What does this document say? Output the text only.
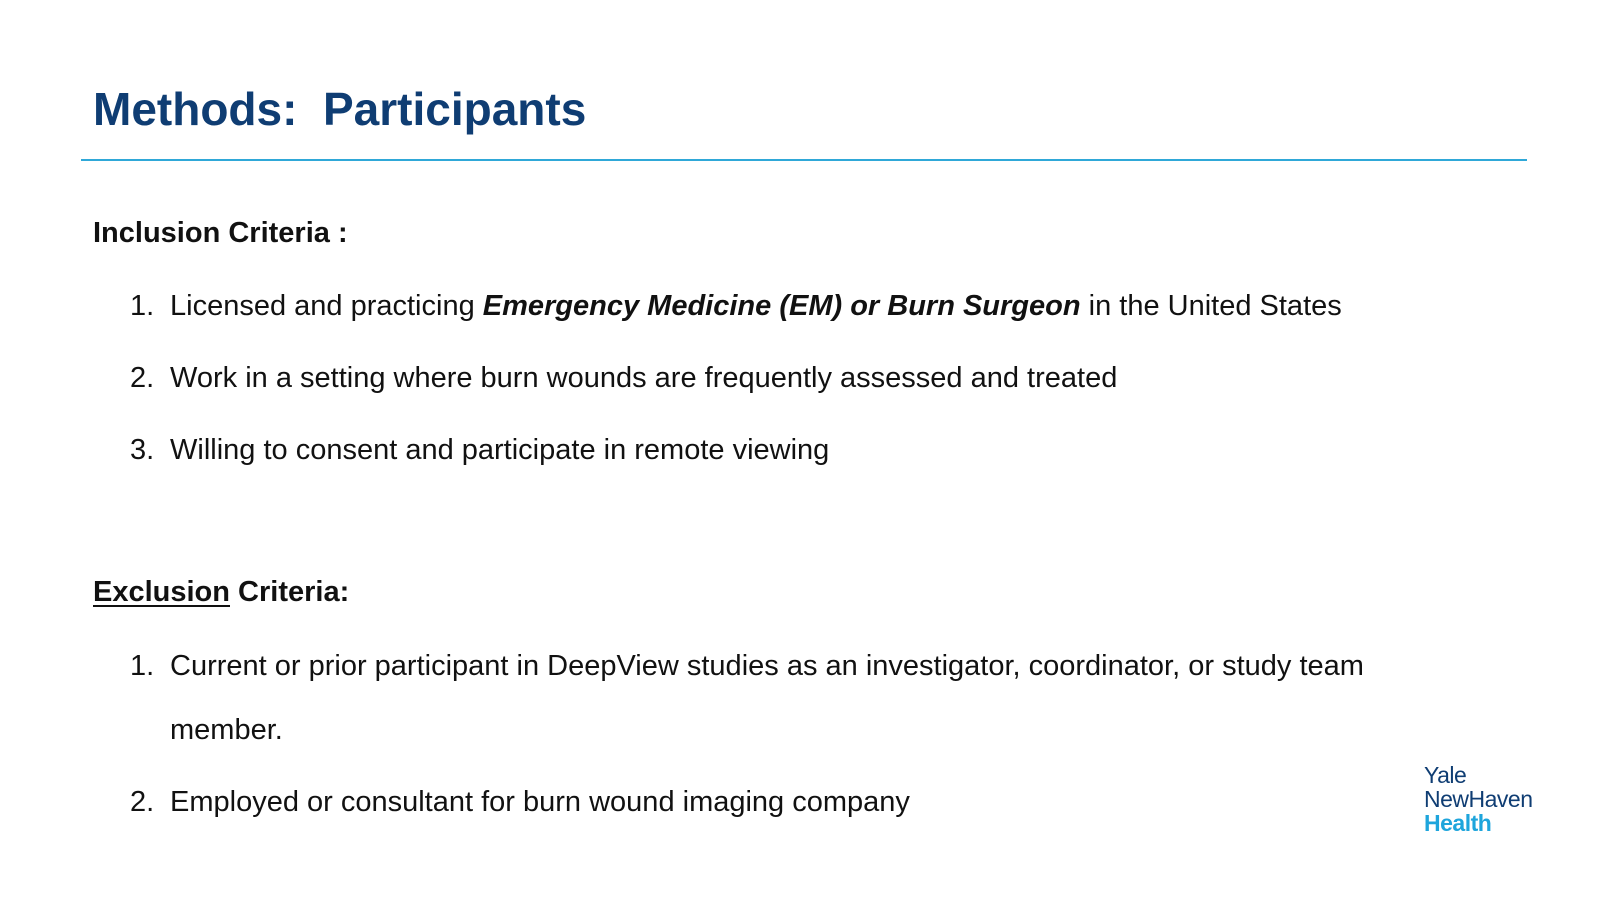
Methods:  Participants
Inclusion Criteria :
1. Licensed and practicing Emergency Medicine (EM) or Burn Surgeon in the United States
2. Work in a setting where burn wounds are frequently assessed and treated
3. Willing to consent and participate in remote viewing
Exclusion Criteria:
1. Current or prior participant in DeepView studies as an investigator, coordinator, or study team member.
2. Employed or consultant for burn wound imaging company
Yale
NewHaven
Health
